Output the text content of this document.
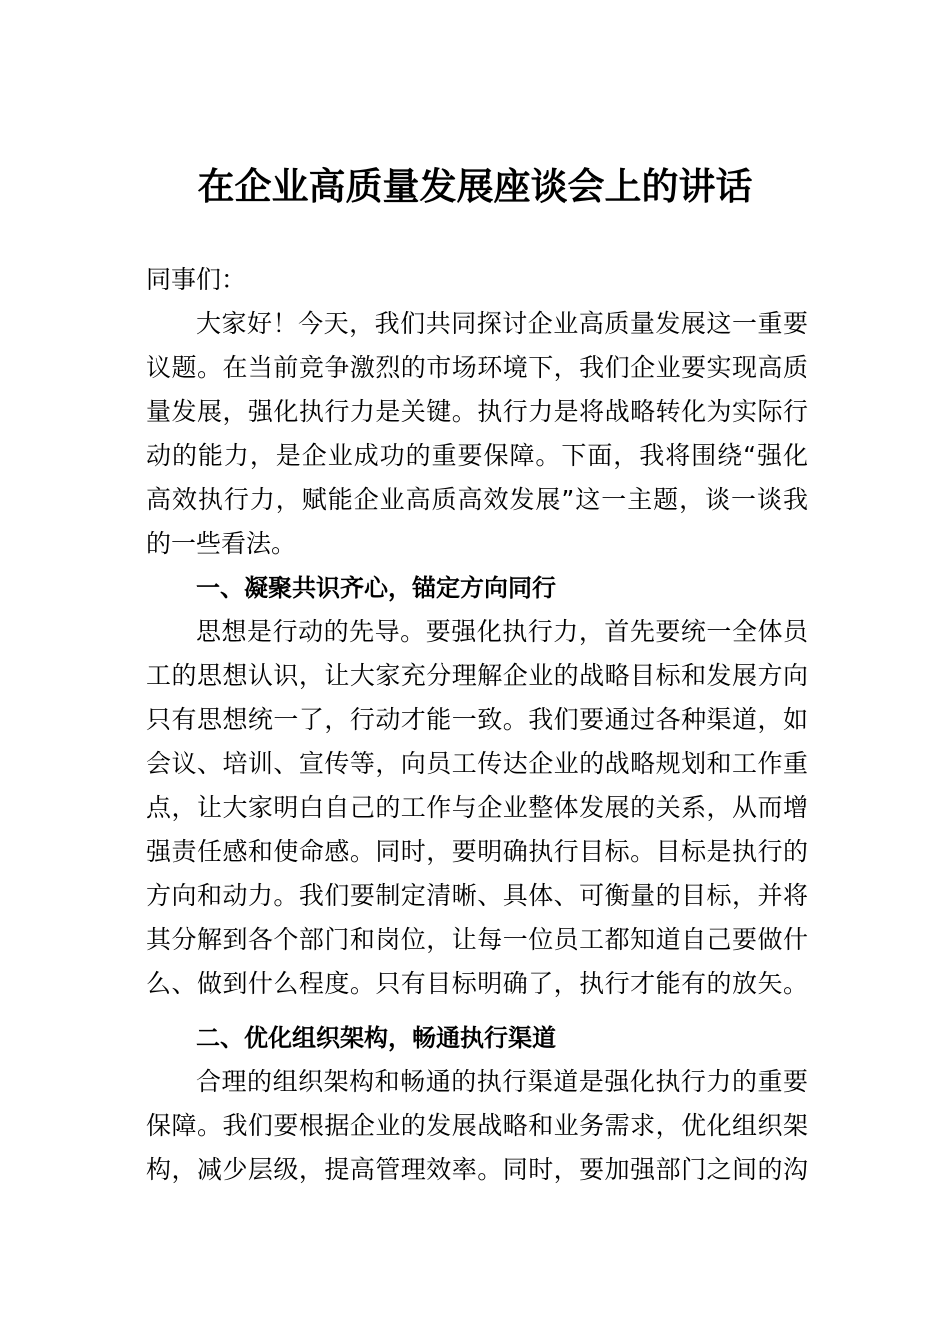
在企业高质量发展座谈会上的讲话

同事们：

大家好！今天，我们共同探讨企业高质量发展这一重要

议题。在当前竞争激烈的市场环境下，我们企业要实现高质

量发展，强化执行力是关键。执行力是将战略转化为实际行

动的能力，是企业成功的重要保障。下面，我将围绕“强化

高效执行力，赋能企业高质高效发展”这一主题，谈一谈我

的一些看法。

一、凝聚共识齐心，锚定方向同行

思想是行动的先导。要强化执行力，首先要统一全体员

工的思想认识，让大家充分理解企业的战略目标和发展方向

只有思想统一了，行动才能一致。我们要通过各种渠道，如

会议、培训、宣传等，向员工传达企业的战略规划和工作重

点，让大家明白自己的工作与企业整体发展的关系，从而增

强责任感和使命感。同时，要明确执行目标。目标是执行的

方向和动力。我们要制定清晰、具体、可衡量的目标，并将

其分解到各个部门和岗位，让每一位员工都知道自己要做什

么、做到什么程度。只有目标明确了，执行才能有的放矢。

二、优化组织架构，畅通执行渠道

合理的组织架构和畅通的执行渠道是强化执行力的重要

保障。我们要根据企业的发展战略和业务需求，优化组织架

构，减少层级，提高管理效率。同时，要加强部门之间的沟
